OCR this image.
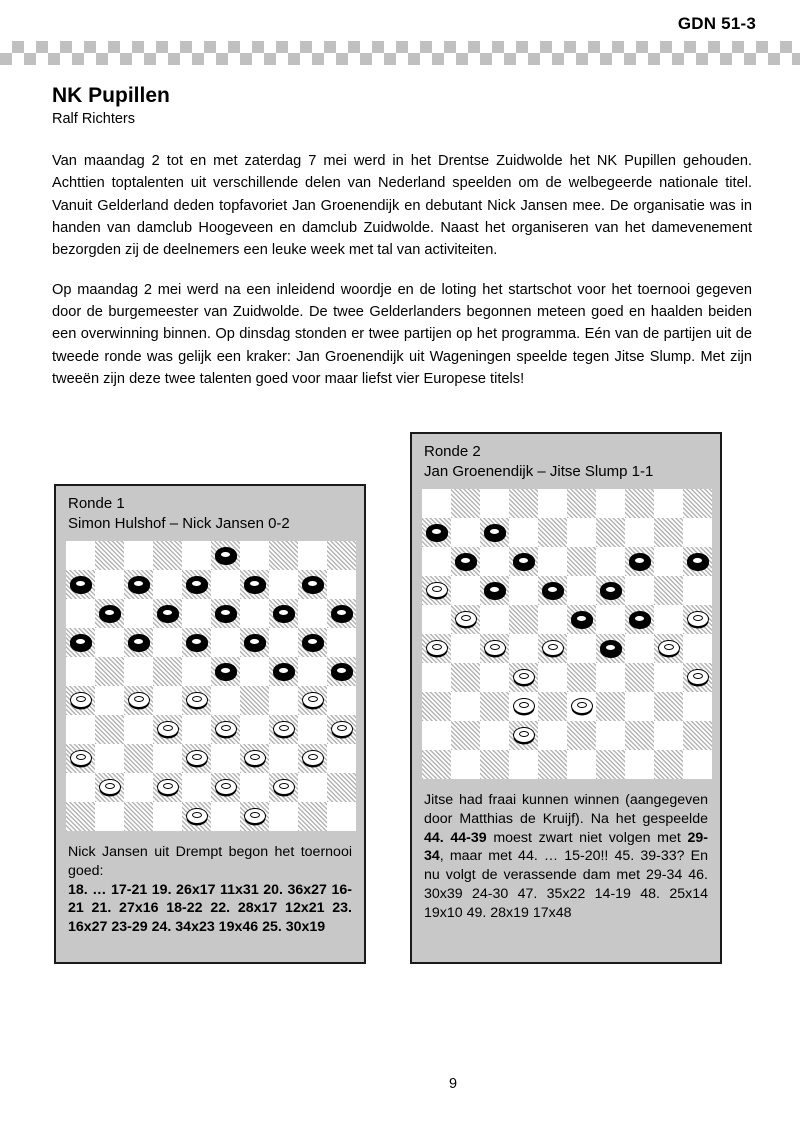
GDN 51-3
NK Pupillen
Ralf Richters

Van maandag 2 tot en met zaterdag 7 mei werd in het Drentse Zuidwolde het NK Pupillen gehouden. Achttien toptalenten uit verschillende delen van Nederland speelden om de welbegeerde nationale titel. Vanuit Gelderland deden topfavoriet Jan Groenendijk en debutant Nick Jansen mee. De organisatie was in handen van damclub Hoogeveen en damclub Zuidwolde. Naast het organiseren van het damevenement bezorgden zij de deelnemers een leuke week met tal van activiteiten.

Op maandag 2 mei werd na een inleidend woordje en de loting het startschot voor het toernooi gegeven door de burgemeester van Zuidwolde. De twee Gelderlanders begonnen meteen goed en haalden beiden een overwinning binnen. Op dinsdag stonden er twee partijen op het programma. Eén van de partijen uit de tweede ronde was gelijk een kraker: Jan Groenendijk uit Wageningen speelde tegen Jitse Slump. Met zijn tweeën zijn deze twee talenten goed voor maar liefst vier Europese titels!

Ronde 1
Simon Hulshof – Nick Jansen 0-2

Nick Jansen uit Drempt begon het toernooi goed:

18. … 17-21 19. 26x17 11x31 20. 36x27 16-21 21. 27x16 18-22 22. 28x17 12x21 23. 16x27 23-29 24. 34x23 19x46 25. 30x19

Ronde 2
Jan Groenendijk – Jitse Slump 1-1

Jitse had fraai kunnen winnen (aangegeven door Matthias de Kruijf). Na het gespeelde 44. 44-39 moest zwart niet volgen met 29-34, maar met 44. … 15-20!! 45. 39-33? En nu volgt de verassende dam met 29-34 46. 30x39 24-30 47. 35x22 14-19 48. 25x14 19x10 49. 28x19 17x48

9
